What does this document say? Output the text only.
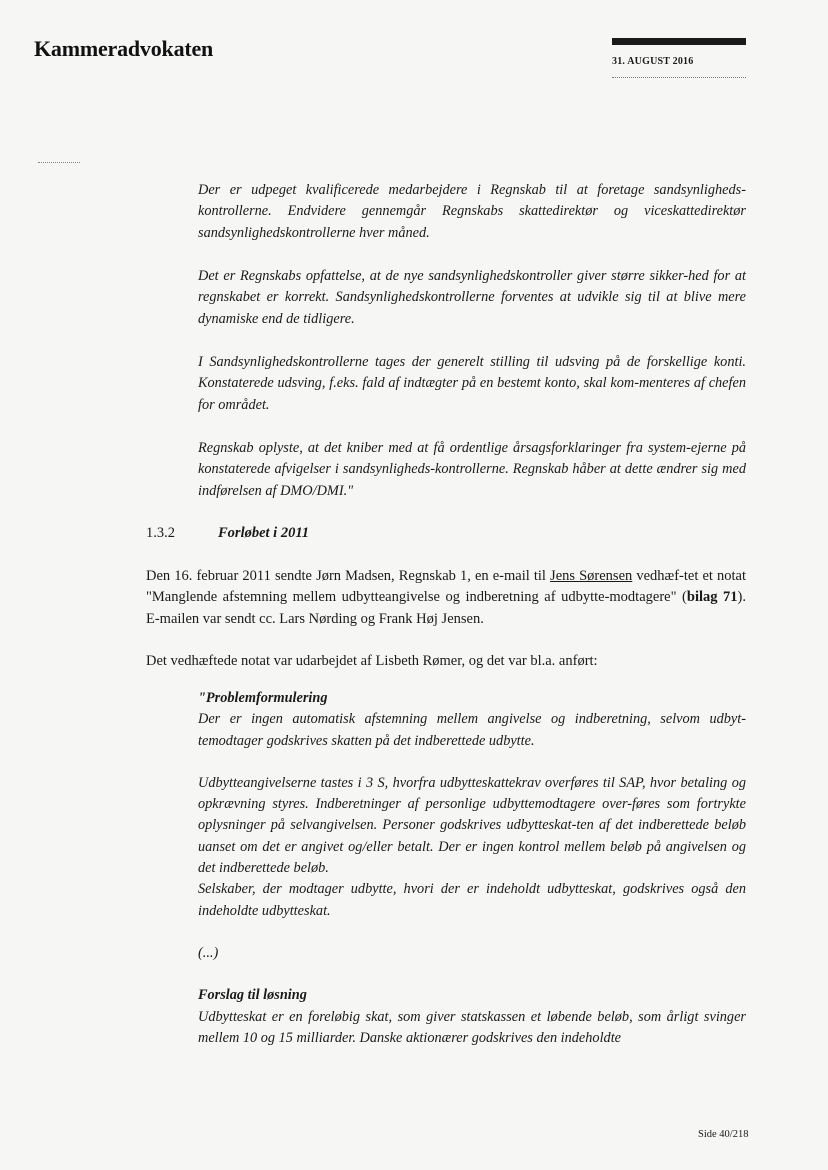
Kammeradvokaten
31. AUGUST 2016
Der er udpeget kvalificerede medarbejdere i Regnskab til at foretage sandsynligheds-kontrollerne. Endvidere gennemgår Regnskabs skattedirektør og viceskattedirektør sandsynlighedskontrollerne hver måned.
Det er Regnskabs opfattelse, at de nye sandsynlighedskontroller giver større sikker-hed for at regnskabet er korrekt. Sandsynlighedskontrollerne forventes at udvikle sig til at blive mere dynamiske end de tidligere.
I Sandsynlighedskontrollerne tages der generelt stilling til udsving på de forskellige konti. Konstaterede udsving, f.eks. fald af indtægter på en bestemt konto, skal kom-menteres af chefen for området.
Regnskab oplyste, at det kniber med at få ordentlige årsagsforklaringer fra system-ejerne på konstaterede afvigelser i sandsynligheds-kontrollerne. Regnskab håber at dette ændrer sig med indførelsen af DMO/DMI."
1.3.2	Forløbet i 2011
Den 16. februar 2011 sendte Jørn Madsen, Regnskab 1, en e-mail til Jens Sørensen vedhæf-tet et notat "Manglende afstemning mellem udbytteangivelse og indberetning af udbytte-modtagere" (bilag 71). E-mailen var sendt cc. Lars Nørding og Frank Høj Jensen.
Det vedhæftede notat var udarbejdet af Lisbeth Rømer, og det var bl.a. anført:
"Problemformulering
Der er ingen automatisk afstemning mellem angivelse og indberetning, selvom udbyt-temodtager godskrives skatten på det indberettede udbytte.
Udbytteangivelserne tastes i 3 S, hvorfra udbytteskattekrav overføres til SAP, hvor betaling og opkrævning styres. Indberetninger af personlige udbyttemodtagere over-føres som fortrykte oplysninger på selvangivelsen. Personer godskrives udbytteskat-ten af det indberettede beløb uanset om det er angivet og/eller betalt. Der er ingen kontrol mellem beløb på angivelsen og det indberettede beløb.
Selskaber, der modtager udbytte, hvori der er indeholdt udbytteskat, godskrives også den indeholdte udbytteskat.
(...)
Forslag til løsning
Udbytteskat er en foreløbig skat, som giver statskassen et løbende beløb, som årligt svinger mellem 10 og 15 milliarder. Danske aktionærer godskrives den indeholdte
Side 40/218
